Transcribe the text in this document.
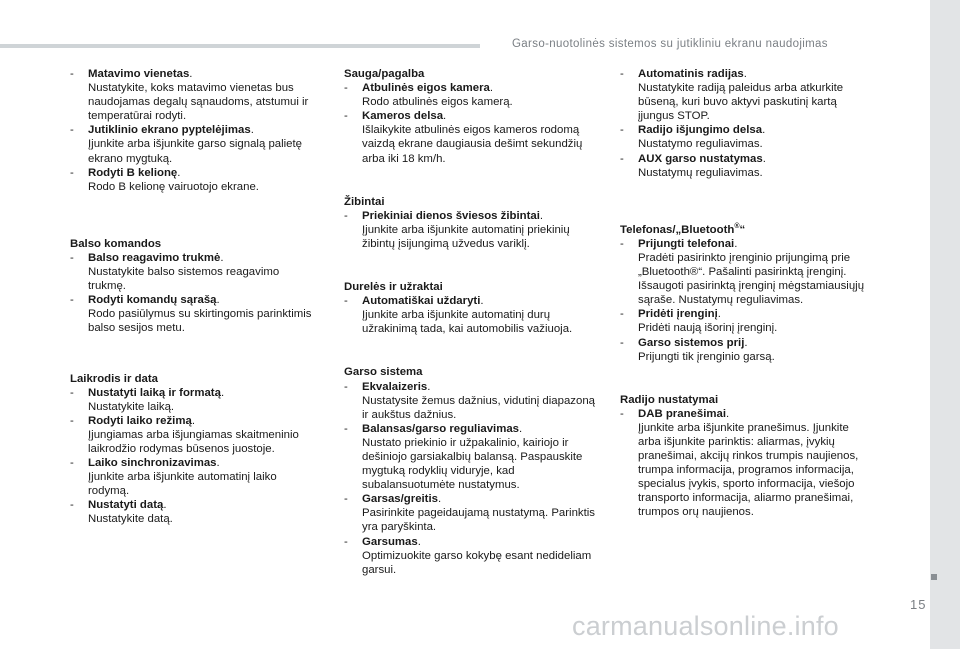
Garso-nuotolinės sistemos su jutikliniu ekranu naudojimas
15
carmanualsonline.info
- Matavimo vienetas.
Nustatykite, koks matavimo vienetas bus naudojamas degalų sąnaudoms, atstumui ir temperatūrai rodyti.
- Jutiklinio ekrano pyptelėjimas.
Įjunkite arba išjunkite garso signalą palietę ekrano mygtuką.
- Rodyti B kelionę.
Rodo B kelionę vairuotojo ekrane.
Balso komandos
- Balso reagavimo trukmė.
Nustatykite balso sistemos reagavimo trukmę.
- Rodyti komandų sąrašą.
Rodo pasiūlymus su skirtingomis parinktimis balso sesijos metu.
Laikrodis ir data
- Nustatyti laiką ir formatą.
Nustatykite laiką.
- Rodyti laiko režimą.
Įjungiamas arba išjungiamas skaitmeninio laikrodžio rodymas būsenos juostoje.
- Laiko sinchronizavimas.
Įjunkite arba išjunkite automatinį laiko rodymą.
- Nustatyti datą.
Nustatykite datą.
Sauga/pagalba
- Atbulinės eigos kamera.
Rodo atbulinės eigos kamerą.
- Kameros delsa.
Išlaikykite atbulinės eigos kameros rodomą vaizdą ekrane daugiausia dešimt sekundžių arba iki 18 km/h.
Žibintai
- Priekiniai dienos šviesos žibintai.
Įjunkite arba išjunkite automatinį priekinių žibintų įsijungimą užvedus variklį.
Durelės ir užraktai
- Automatiškai uždaryti.
Įjunkite arba išjunkite automatinį durų užrakinimą tada, kai automobilis važiuoja.
Garso sistema
- Ekvalaizeris.
Nustatysite žemus dažnius, vidutinį diapazoną ir aukštus dažnius.
- Balansas/garso reguliavimas.
Nustato priekinio ir užpakalinio, kairiojo ir dešiniojo garsiakalbių balansą. Paspauskite mygtuką rodyklių viduryje, kad subalansuotumėte nustatymus.
- Garsas/greitis.
Pasirinkite pageidaujamą nustatymą. Parinktis yra paryškinta.
- Garsumas.
Optimizuokite garso kokybę esant nedideliam garsui.
- Automatinis radijas.
Nustatykite radiją paleidus arba atkurkite būseną, kuri buvo aktyvi paskutinį kartą įjungus STOP.
- Radijo išjungimo delsa.
Nustatymo reguliavimas.
- AUX garso nustatymas.
Nustatymų reguliavimas.
Telefonas/„Bluetooth®“
- Prijungti telefonai.
Pradėti pasirinkto įrenginio prijungimą prie „Bluetooth®“. Pašalinti pasirinktą įrenginį. Išsaugoti pasirinktą įrenginį mėgstamiausiųjų sąraše. Nustatymų reguliavimas.
- Pridėti įrenginį.
Pridėti naują išorinį įrenginį.
- Garso sistemos prij.
Prijungti tik įrenginio garsą.
Radijo nustatymai
- DAB pranešimai.
Įjunkite arba išjunkite pranešimus. Įjunkite arba išjunkite parinktis: aliarmas, įvykių pranešimai, akcijų rinkos trumpis naujienos, trumpa informacija, programos informacija, specialus įvykis, sporto informacija, viešojo transporto informacija, aliarmo pranešimai, trumpos orų naujienos.
